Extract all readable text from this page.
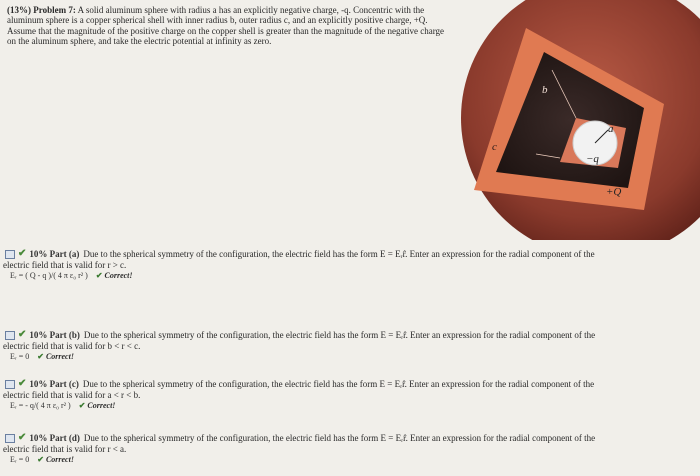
(13%) Problem 7: A solid aluminum sphere with radius a has an explicitly negative charge, -q. Concentric with the aluminum sphere is a copper spherical shell with inner radius b, outer radius c, and an explicitly positive charge, +Q. Assume that the magnitude of the positive charge on the copper shell is greater than the magnitude of the negative charge on the aluminum sphere, and take the electric potential at infinity as zero.
b
a
c
−q
+Q
✔ 10% Part (a) Due to the spherical symmetry of the configuration, the electric field has the form E = Eᵣr̂. Enter an expression for the radial component of the
electric field that is valid for r > c.
Eᵣ = ( Q - q )/( 4 π ε₀ r² ) ✔ Correct!
✔ 10% Part (b) Due to the spherical symmetry of the configuration, the electric field has the form E = Eᵣr̂. Enter an expression for the radial component of the
electric field that is valid for b < r < c.
Eᵣ = 0 ✔ Correct!
✔ 10% Part (c) Due to the spherical symmetry of the configuration, the electric field has the form E = Eᵣr̂. Enter an expression for the radial component of the
electric field that is valid for a < r < b.
Eᵣ = - q/( 4 π ε₀ r² ) ✔ Correct!
✔ 10% Part (d) Due to the spherical symmetry of the configuration, the electric field has the form E = Eᵣr̂. Enter an expression for the radial component of the
electric field that is valid for r < a.
Eᵣ = 0 ✔ Correct!
